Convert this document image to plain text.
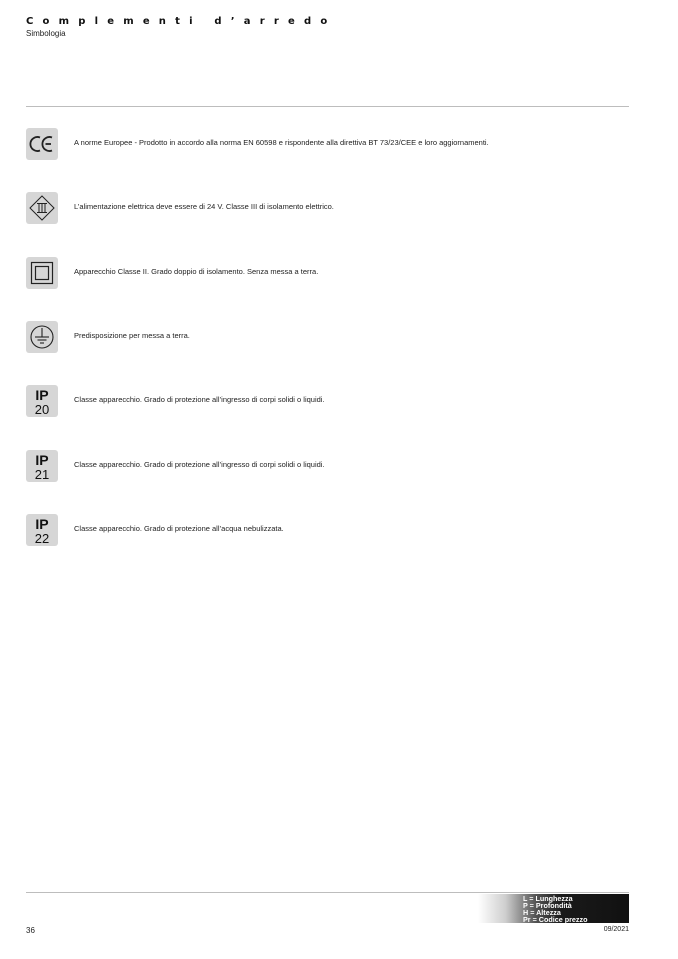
Complementi d’arredo
Simbologia
A norme Europee - Prodotto in accordo alla norma EN 60598 e rispondente alla direttiva BT 73/23/CEE e loro aggiornamenti.
L’alimentazione elettrica deve essere di 24 V. Classe III di isolamento elettrico.
Apparecchio Classe II. Grado doppio di isolamento. Senza messa a terra.
Predisposizione per messa a terra.
IP
20
Classe apparecchio. Grado di protezione all’ingresso di corpi solidi o liquidi.
IP
21
Classe apparecchio. Grado di protezione all’ingresso di corpi solidi o liquidi.
IP
22
Classe apparecchio. Grado di protezione all’acqua nebulizzata.
L = Lunghezza
P = Profondità
H = Altezza
Pr = Codice prezzo
36	09/2021
